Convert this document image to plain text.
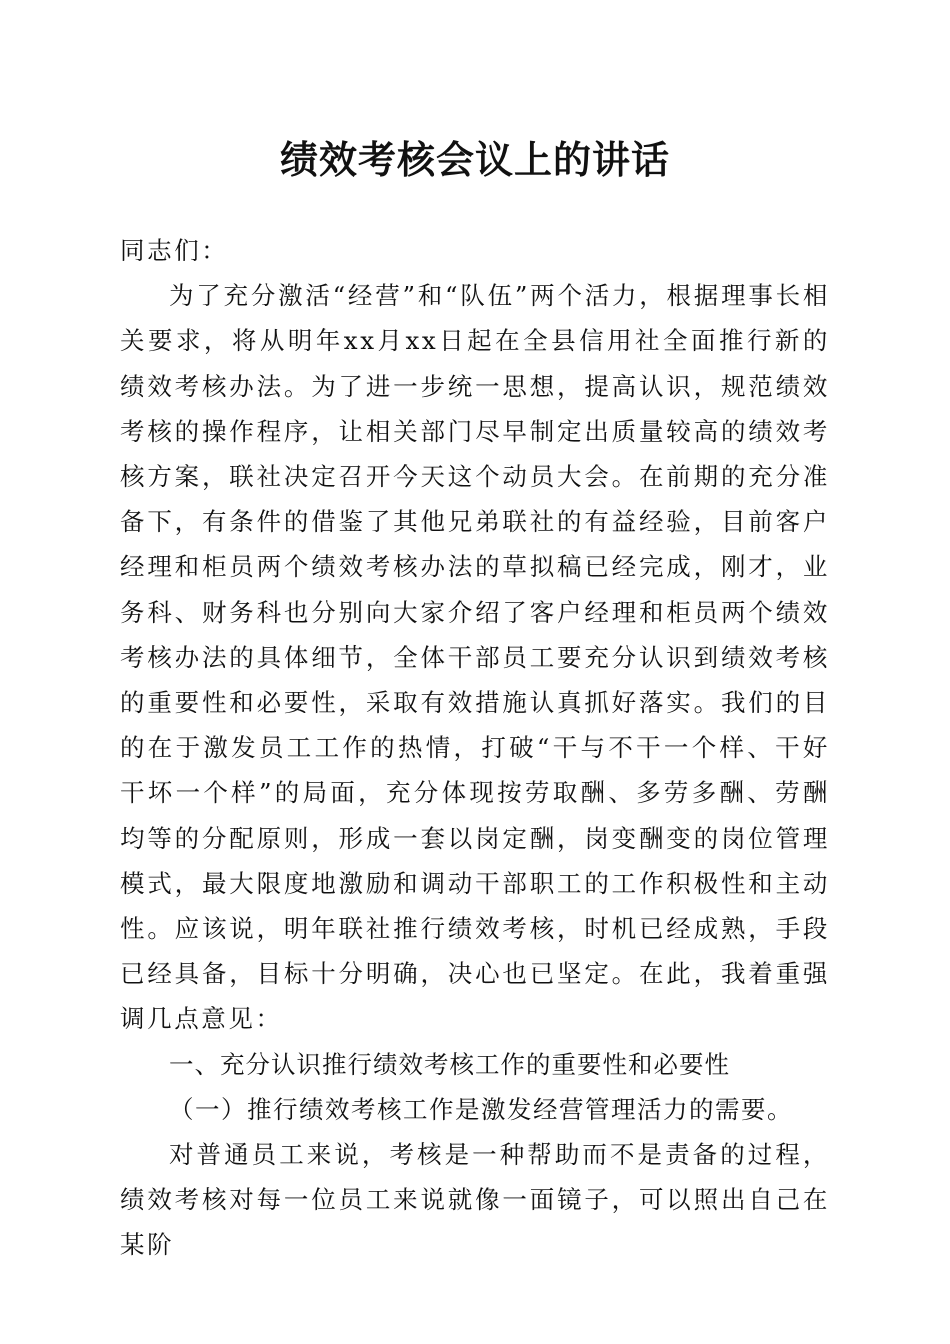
绩效考核会议上的讲话

同志们：

为了充分激活“经营”和“队伍”两个活力，根据理事长相关要求，将从明年xx月xx日起在全县信用社全面推行新的绩效考核办法。为了进一步统一思想，提高认识，规范绩效考核的操作程序，让相关部门尽早制定出质量较高的绩效考核方案，联社决定召开今天这个动员大会。在前期的充分准备下，有条件的借鉴了其他兄弟联社的有益经验，目前客户经理和柜员两个绩效考核办法的草拟稿已经完成，刚才，业务科、财务科也分别向大家介绍了客户经理和柜员两个绩效考核办法的具体细节，全体干部员工要充分认识到绩效考核的重要性和必要性，采取有效措施认真抓好落实。我们的目的在于激发员工工作的热情，打破“干与不干一个样、干好干坏一个样”的局面，充分体现按劳取酬、多劳多酬、劳酬均等的分配原则，形成一套以岗定酬，岗变酬变的岗位管理模式，最大限度地激励和调动干部职工的工作积极性和主动性。应该说，明年联社推行绩效考核，时机已经成熟，手段已经具备，目标十分明确，决心也已坚定。在此，我着重强调几点意见：

一、充分认识推行绩效考核工作的重要性和必要性

（一）推行绩效考核工作是激发经营管理活力的需要。

对普通员工来说，考核是一种帮助而不是责备的过程，绩效考核对每一位员工来说就像一面镜子，可以照出自己在某阶
